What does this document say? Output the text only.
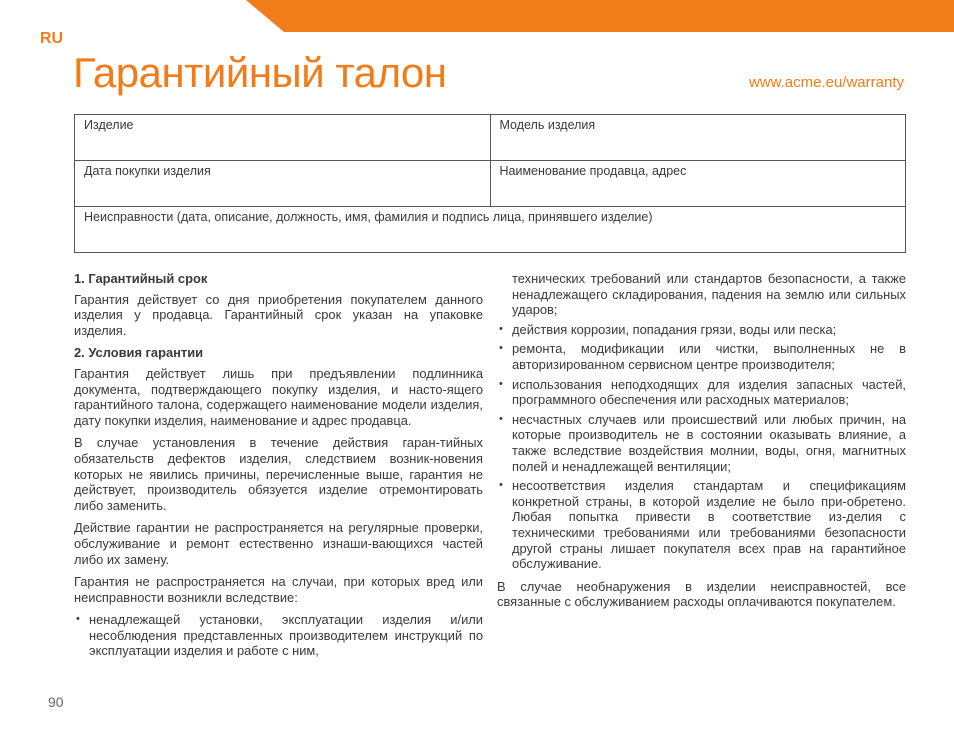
RU
Гарантийный талон	www.acme.eu/warranty
Изделие	Модель изделия
Дата покупки изделия	Наименование продавца, адрес
Неисправности (дата, описание, должность, имя, фамилия и подпись лица, принявшего изделие)	
1. Гарантийный срок

Гарантия действует со дня приобретения покупателем данного изделия у продавца. Гарантийный срок указан на упаковке изделия.

2. Условия гарантии

Гарантия действует лишь при предъявлении подлинника документа, подтверждающего покупку изделия, и насто-ящего гарантийного талона, содержащего наименование модели изделия, дату покупки изделия, наименование и адрес продавца.

В случае установления в течение действия гаран-тийных обязательств дефектов изделия, следствием возник-новения которых не явились причины, перечисленные выше, гарантия не действует, производитель обязуется изделие отремонтировать либо заменить.

Действие гарантии не распространяется на регулярные проверки, обслуживание и ремонт естественно изнаши-вающихся частей либо их замену.

Гарантия не распространяется на случаи, при которых вред или неисправности возникли вследствие:

• ненадлежащей установки, эксплуатации изделия и/или несоблюдения представленных производителем инструкций по эксплуатации изделия и работе с ним,
технических требований или стандартов безопасности, а также ненадлежащего складирования, падения на землю или сильных ударов;
• действия коррозии, попадания грязи, воды или песка;
• ремонта, модификации или чистки, выполненных не в авторизированном сервисном центре производителя;
• использования неподходящих для изделия запасных частей, программного обеспечения или расходных материалов;
• несчастных случаев или происшествий или любых причин, на которые производитель не в состоянии оказывать влияние, а также вследствие воздействия молнии, воды, огня, магнитных полей и ненадлежащей вентиляции;
• несоответствия изделия стандартам и спецификациям конкретной страны, в которой изделие не было при-обретено. Любая попытка привести в соответствие из-делия с техническими требованиями или требованиями безопасности другой страны лишает покупателя всех прав на гарантийное обслуживание.

В случае необнаружения в изделии неисправностей, все связанные с обслуживанием расходы оплачиваются покупателем.

90
